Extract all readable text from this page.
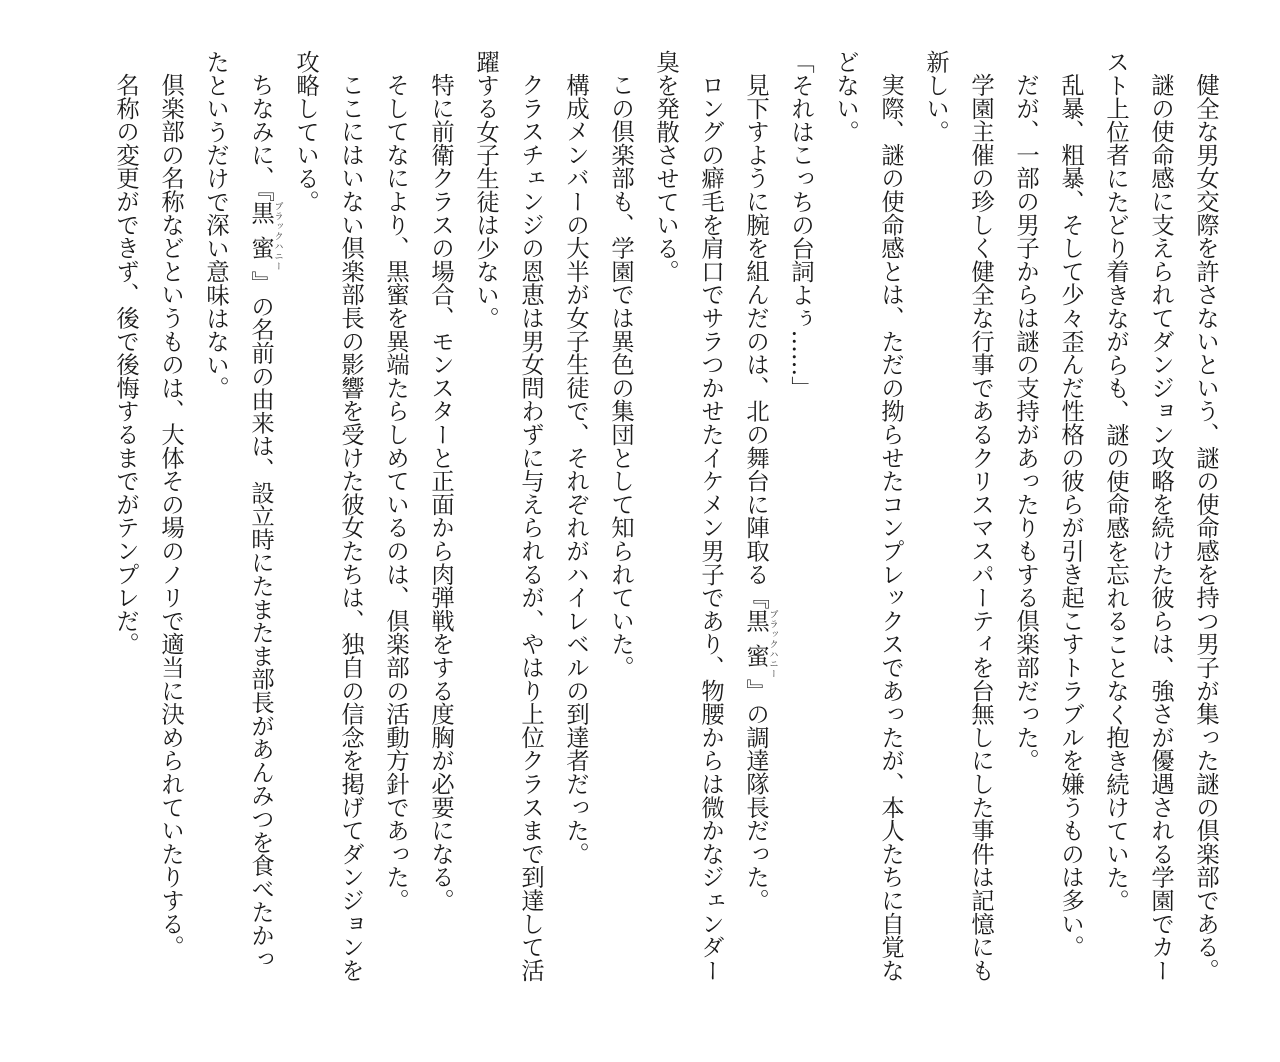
健全な男女交際を許さないという、謎の使命感を持つ男子が集った謎の倶楽部である。

謎の使命感に支えられてダンジョン攻略を続けた彼らは、強さが優遇される学園でカースト上位者にたどり着きながらも、謎の使命感を忘れることなく抱き続けていた。

乱暴、粗暴、そして少々歪んだ性格の彼らが引き起こすトラブルを嫌うものは多い。

だが、一部の男子からは謎の支持があったりもする倶楽部だった。

学園主催の珍しく健全な行事であるクリスマスパーティを台無しにした事件は記憶にも新しい。

実際、謎の使命感とは、ただの拗らせたコンプレックスであったが、本人たちに自覚などない。

「それはこっちの台詞よぅ……」

見下すように腕を組んだのは、北の舞台に陣取る『黒蜜ブラックハニー』の調達隊長だった。

ロングの癖毛を肩口でサラつかせたイケメン男子であり、物腰からは微かなジェンダー臭を発散させている。

この倶楽部も、学園では異色の集団として知られていた。

構成メンバーの大半が女子生徒で、それぞれがハイレベルの到達者だった。

クラスチェンジの恩恵は男女問わずに与えられるが、やはり上位クラスまで到達して活躍する女子生徒は少ない。

特に前衛クラスの場合、モンスターと正面から肉弾戦をする度胸が必要になる。

そしてなにより、黒蜜を異端たらしめているのは、倶楽部の活動方針であった。

ここにはいない倶楽部長の影響を受けた彼女たちは、独自の信念を掲げてダンジョンを攻略している。

ちなみに、『黒蜜ブラックハニー』の名前の由来は、設立時にたまたま部長があんみつを食べたかったというだけで深い意味はない。

倶楽部の名称などというものは、大体その場のノリで適当に決められていたりする。

名称の変更ができず、後で後悔するまでがテンプレだ。
